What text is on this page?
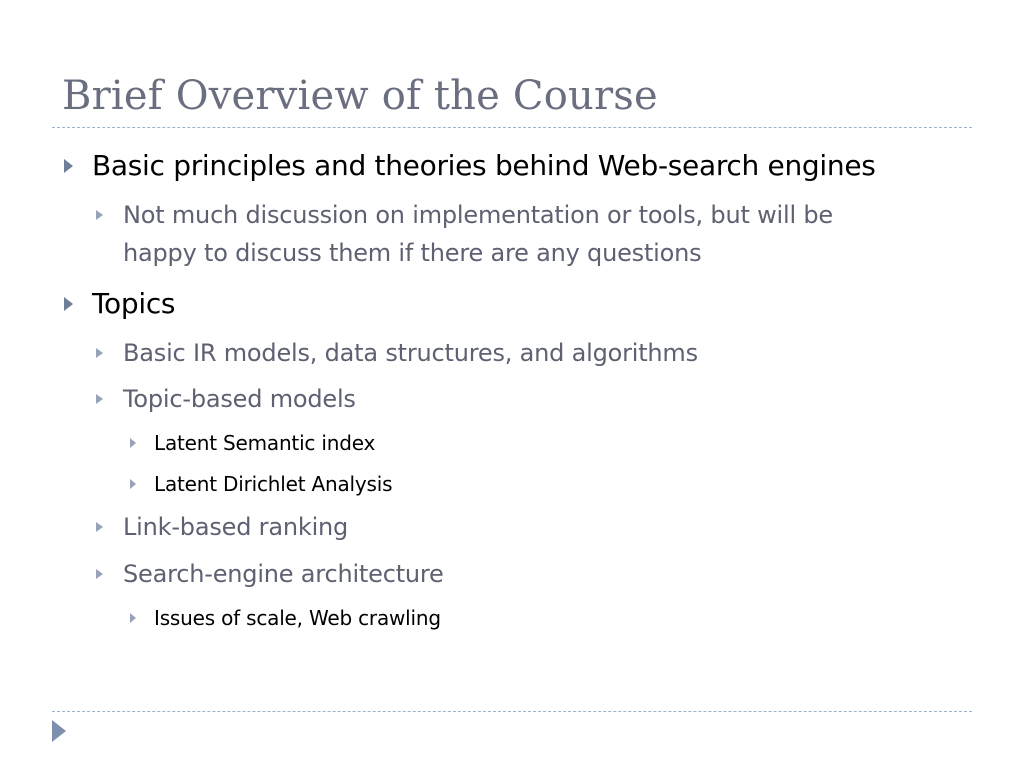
Brief Overview of the Course
Basic principles and theories behind Web-search engines
Not much discussion on implementation or tools, but will be
happy to discuss them if there are any questions
Topics
Basic IR models, data structures, and algorithms
Topic-based models
Latent Semantic index
Latent Dirichlet Analysis
Link-based ranking
Search-engine architecture
Issues of scale, Web crawling
